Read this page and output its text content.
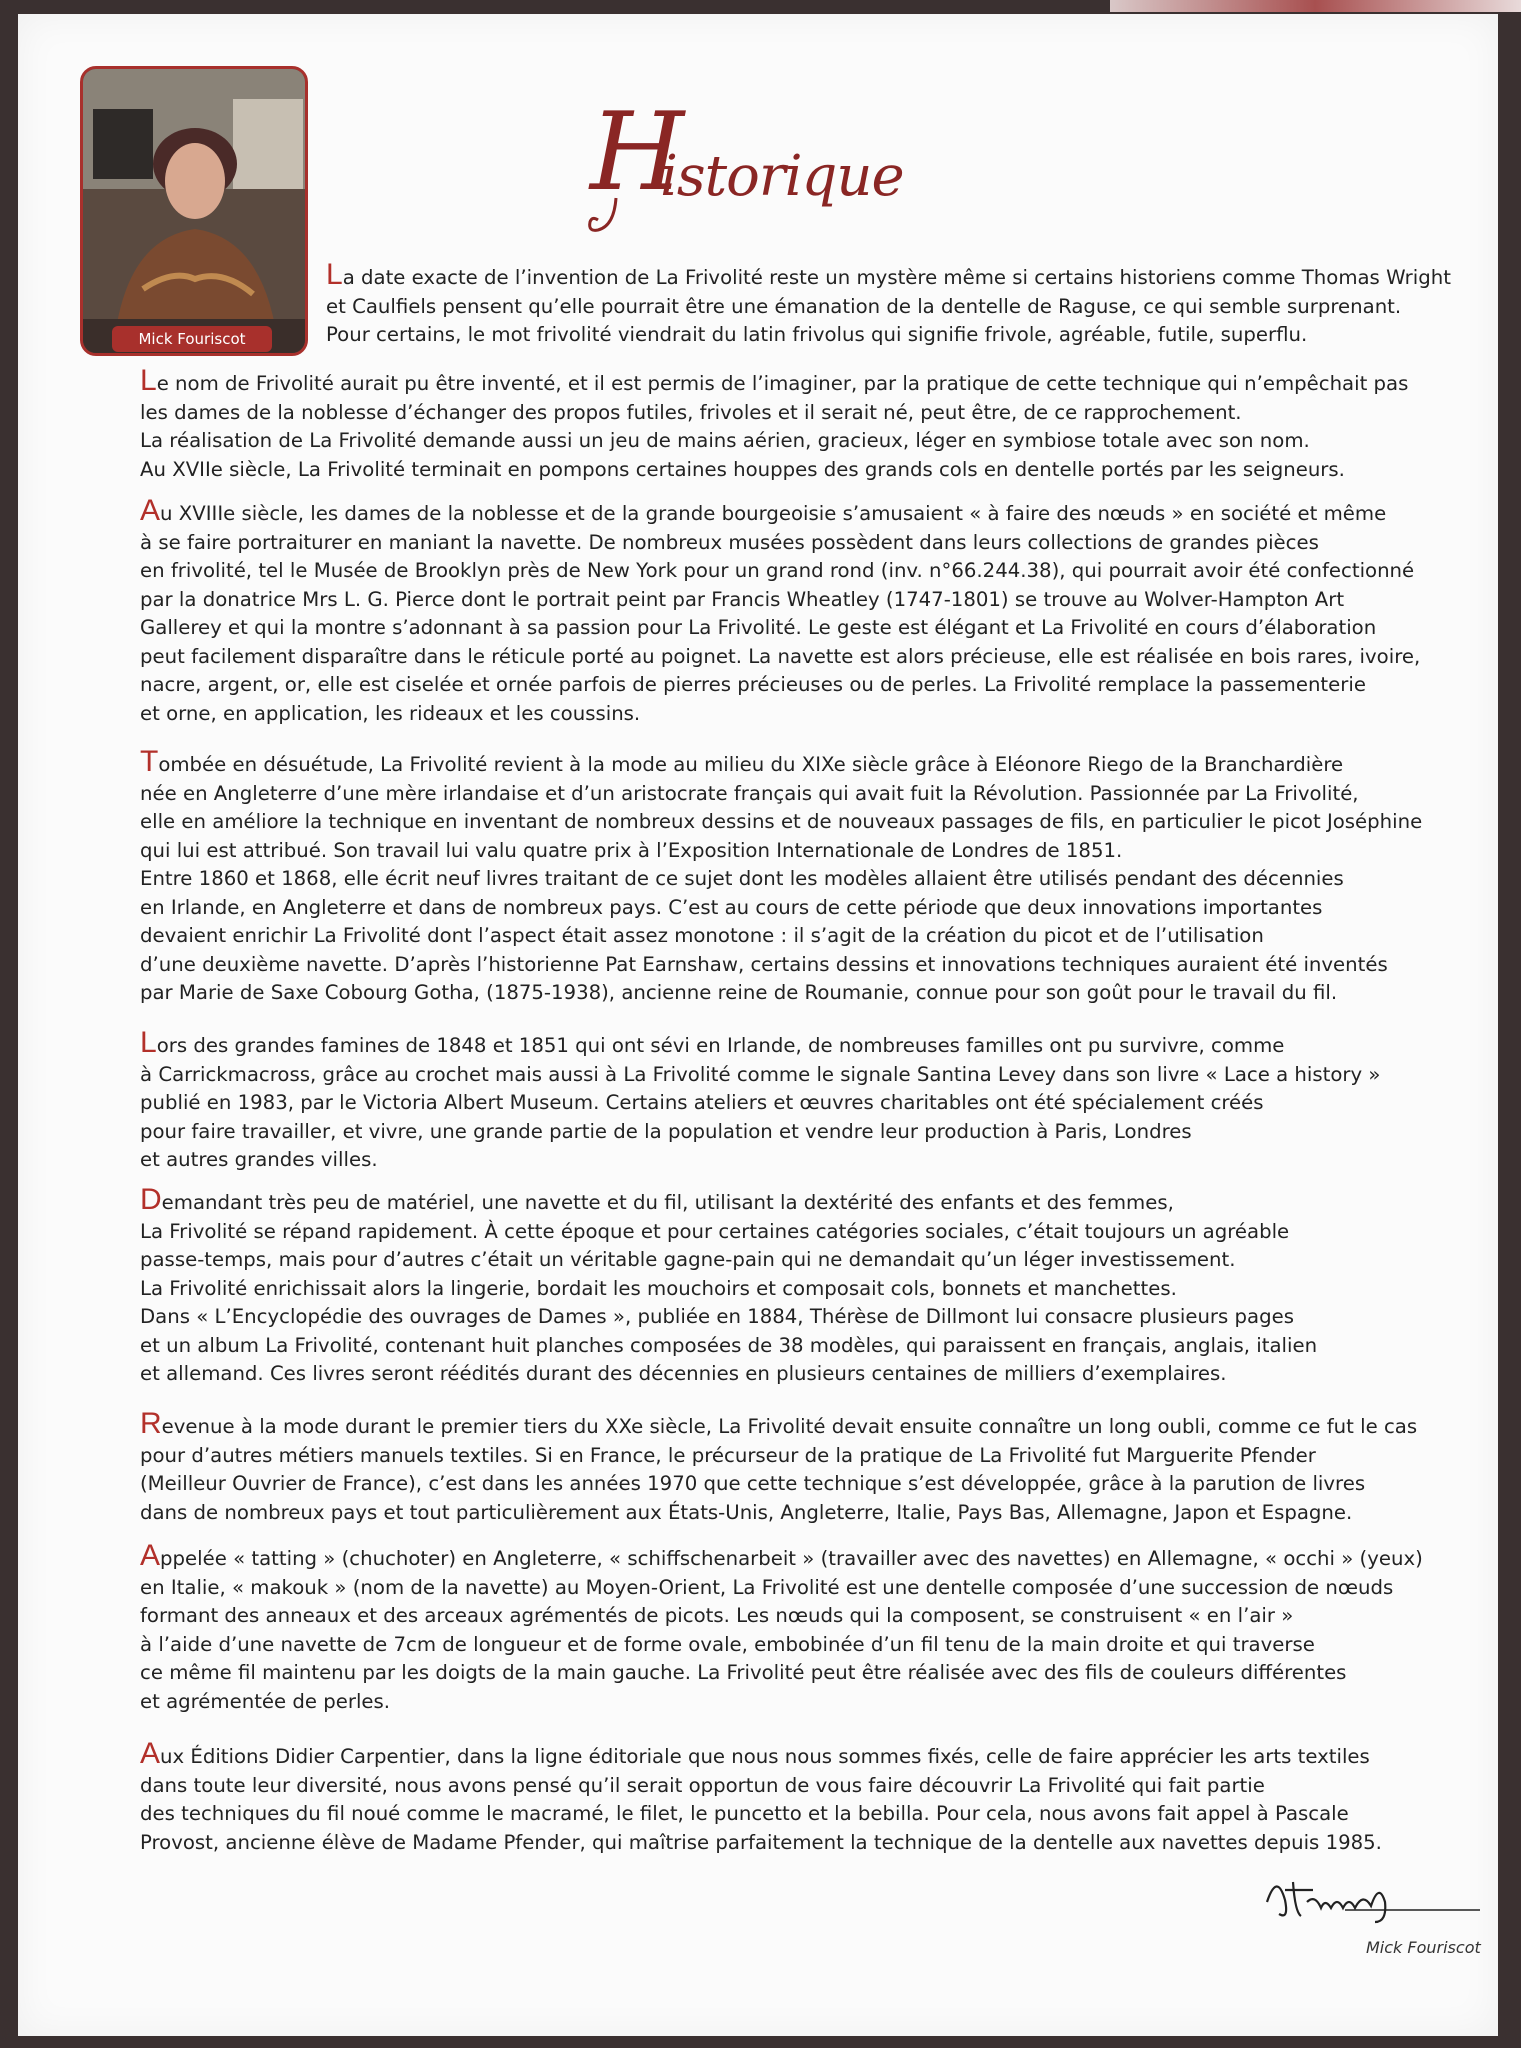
Mick Fouriscot
H
istorique

La date exacte de l’invention de La Frivolité reste un mystère même si certains historiens comme Thomas Wright
et Caulfiels pensent qu’elle pourrait être une émanation de la dentelle de Raguse, ce qui semble surprenant.
Pour certains, le mot frivolité viendrait du latin frivolus qui signifie frivole, agréable, futile, superflu.

Le nom de Frivolité aurait pu être inventé, et il est permis de l’imaginer, par la pratique de cette technique qui n’empêchait pas
les dames de la noblesse d’échanger des propos futiles, frivoles et il serait né, peut être, de ce rapprochement.
La réalisation de La Frivolité demande aussi un jeu de mains aérien, gracieux, léger en symbiose totale avec son nom.
Au XVIIe siècle, La Frivolité terminait en pompons certaines houppes des grands cols en dentelle portés par les seigneurs.

Au XVIIIe siècle, les dames de la noblesse et de la grande bourgeoisie s’amusaient « à faire des nœuds » en société et même
à se faire portraiturer en maniant la navette. De nombreux musées possèdent dans leurs collections de grandes pièces
en frivolité, tel le Musée de Brooklyn près de New York pour un grand rond (inv. n°66.244.38), qui pourrait avoir été confectionné
par la donatrice Mrs L. G. Pierce dont le portrait peint par Francis Wheatley (1747-1801) se trouve au Wolver-Hampton Art
Gallerey et qui la montre s’adonnant à sa passion pour La Frivolité. Le geste est élégant et La Frivolité en cours d’élaboration
peut facilement disparaître dans le réticule porté au poignet. La navette est alors précieuse, elle est réalisée en bois rares, ivoire,
nacre, argent, or, elle est ciselée et ornée parfois de pierres précieuses ou de perles. La Frivolité remplace la passementerie
et orne, en application, les rideaux et les coussins.

Tombée en désuétude, La Frivolité revient à la mode au milieu du XIXe siècle grâce à Eléonore Riego de la Branchardière
née en Angleterre d’une mère irlandaise et d’un aristocrate français qui avait fuit la Révolution. Passionnée par La Frivolité,
elle en améliore la technique en inventant de nombreux dessins et de nouveaux passages de fils, en particulier le picot Joséphine
qui lui est attribué. Son travail lui valu quatre prix à l’Exposition Internationale de Londres de 1851.
Entre 1860 et 1868, elle écrit neuf livres traitant de ce sujet dont les modèles allaient être utilisés pendant des décennies
en Irlande, en Angleterre et dans de nombreux pays. C’est au cours de cette période que deux innovations importantes
devaient enrichir La Frivolité dont l’aspect était assez monotone : il s’agit de la création du picot et de l’utilisation
d’une deuxième navette. D’après l’historienne Pat Earnshaw, certains dessins et innovations techniques auraient été inventés
par Marie de Saxe Cobourg Gotha, (1875-1938), ancienne reine de Roumanie, connue pour son goût pour le travail du fil.

Lors des grandes famines de 1848 et 1851 qui ont sévi en Irlande, de nombreuses familles ont pu survivre, comme
à Carrickmacross, grâce au crochet mais aussi à La Frivolité comme le signale Santina Levey dans son livre « Lace a history »
publié en 1983, par le Victoria Albert Museum. Certains ateliers et œuvres charitables ont été spécialement créés
pour faire travailler, et vivre, une grande partie de la population et vendre leur production à Paris, Londres
et autres grandes villes.

Demandant très peu de matériel, une navette et du fil, utilisant la dextérité des enfants et des femmes,
La Frivolité se répand rapidement. À cette époque et pour certaines catégories sociales, c’était toujours un agréable
passe-temps, mais pour d’autres c’était un véritable gagne-pain qui ne demandait qu’un léger investissement.
La Frivolité enrichissait alors la lingerie, bordait les mouchoirs et composait cols, bonnets et manchettes.
Dans « L’Encyclopédie des ouvrages de Dames », publiée en 1884, Thérèse de Dillmont lui consacre plusieurs pages
et un album La Frivolité, contenant huit planches composées de 38 modèles, qui paraissent en français, anglais, italien
et allemand. Ces livres seront réédités durant des décennies en plusieurs centaines de milliers d’exemplaires.

Revenue à la mode durant le premier tiers du XXe siècle, La Frivolité devait ensuite connaître un long oubli, comme ce fut le cas
pour d’autres métiers manuels textiles. Si en France, le précurseur de la pratique de La Frivolité fut Marguerite Pfender
(Meilleur Ouvrier de France), c’est dans les années 1970 que cette technique s’est développée, grâce à la parution de livres
dans de nombreux pays et tout particulièrement aux États-Unis, Angleterre, Italie, Pays Bas, Allemagne, Japon et Espagne.

Appelée « tatting » (chuchoter) en Angleterre, « schiffschenarbeit » (travailler avec des navettes) en Allemagne, « occhi » (yeux)
en Italie, « makouk » (nom de la navette) au Moyen-Orient, La Frivolité est une dentelle composée d’une succession de nœuds
formant des anneaux et des arceaux agrémentés de picots. Les nœuds qui la composent, se construisent « en l’air »
à l’aide d’une navette de 7cm de longueur et de forme ovale, embobinée d’un fil tenu de la main droite et qui traverse
ce même fil maintenu par les doigts de la main gauche. La Frivolité peut être réalisée avec des fils de couleurs différentes
et agrémentée de perles.

Aux Éditions Didier Carpentier, dans la ligne éditoriale que nous nous sommes fixés, celle de faire apprécier les arts textiles
dans toute leur diversité, nous avons pensé qu’il serait opportun de vous faire découvrir La Frivolité qui fait partie
des techniques du fil noué comme le macramé, le filet, le puncetto et la bebilla. Pour cela, nous avons fait appel à Pascale
Provost, ancienne élève de Madame Pfender, qui maîtrise parfaitement la technique de la dentelle aux navettes depuis 1985.

Mick Fouriscot
